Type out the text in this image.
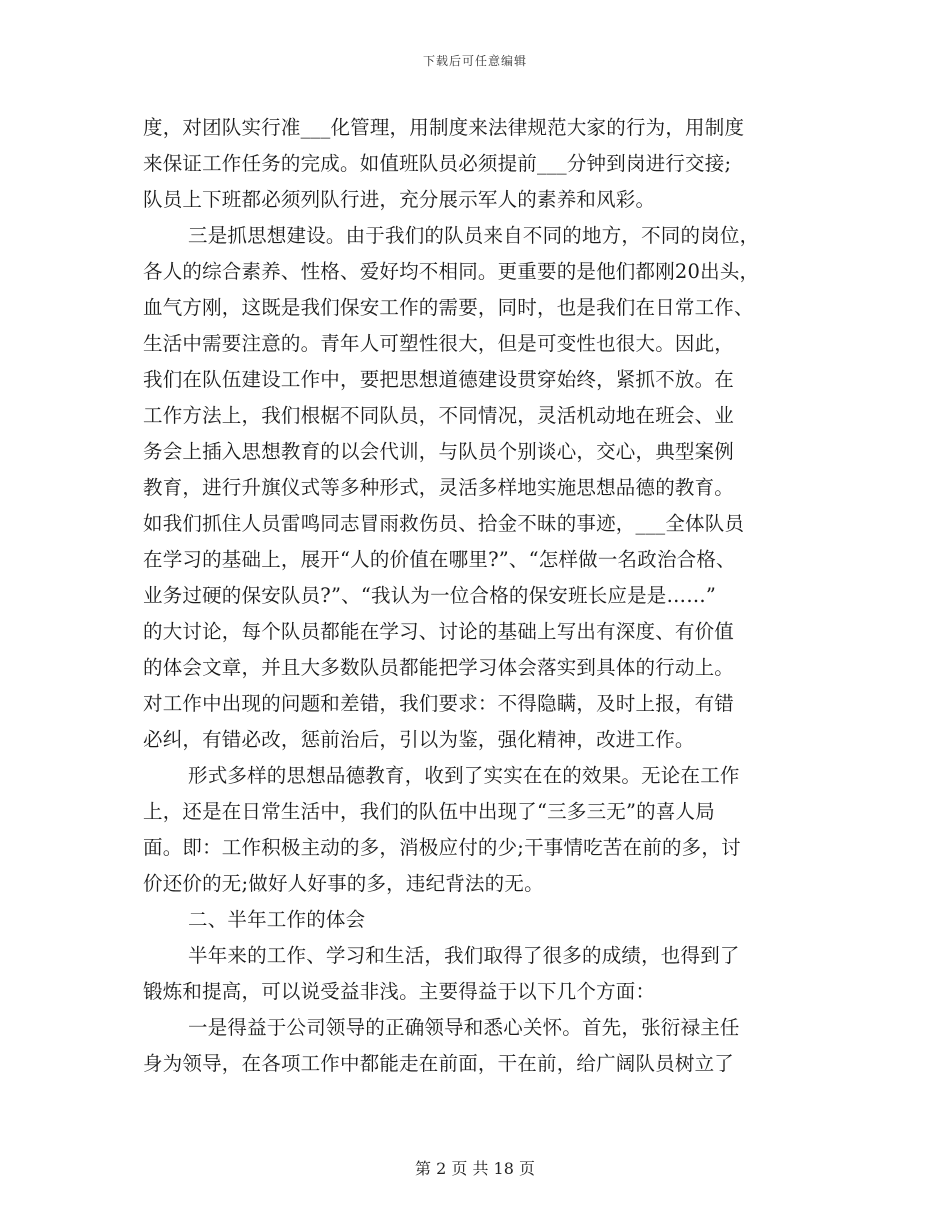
下载后可任意编辑
度，对团队实行准___化管理，用制度来法律规范大家的行为，用制度
来保证工作任务的完成。如值班队员必须提前___分钟到岗进行交接;
队员上下班都必须列队行进，充分展示军人的素养和风彩。
三是抓思想建设。由于我们的队员来自不同的地方，不同的岗位，
各人的综合素养、性格、爱好均不相同。更重要的是他们都刚20出头，
血气方刚，这既是我们保安工作的需要，同时，也是我们在日常工作、
生活中需要注意的。青年人可塑性很大，但是可变性也很大。因此，
我们在队伍建设工作中，要把思想道德建设贯穿始终，紧抓不放。在
工作方法上，我们根椐不同队员，不同情况，灵活机动地在班会、业
务会上插入思想教育的以会代训，与队员个别谈心，交心，典型案例
教育，进行升旗仪式等多种形式，灵活多样地实施思想品德的教育。
如我们抓住人员雷鸣同志冒雨救伤员、拾金不昧的事迹，___全体队员
在学习的基础上，展开“人的价值在哪里?”、“怎样做一名政治合格、
业务过硬的保安队员?”、“我认为一位合格的保安班长应是是……”
的大讨论，每个队员都能在学习、讨论的基础上写出有深度、有价值
的体会文章，并且大多数队员都能把学习体会落实到具体的行动上。
对工作中出现的问题和差错，我们要求：不得隐瞒，及时上报，有错
必纠，有错必改，惩前治后，引以为鉴，强化精神，改进工作。
形式多样的思想品德教育，收到了实实在在的效果。无论在工作
上，还是在日常生活中，我们的队伍中出现了“三多三无”的喜人局
面。即：工作积极主动的多，消极应付的少;干事情吃苦在前的多，讨
价还价的无;做好人好事的多，违纪背法的无。
二、半年工作的体会
半年来的工作、学习和生活，我们取得了很多的成绩，也得到了
锻炼和提高，可以说受益非浅。主要得益于以下几个方面：
一是得益于公司领导的正确领导和悉心关怀。首先，张衍禄主任
身为领导，在各项工作中都能走在前面，干在前，给广阔队员树立了
第 2 页 共 18 页
